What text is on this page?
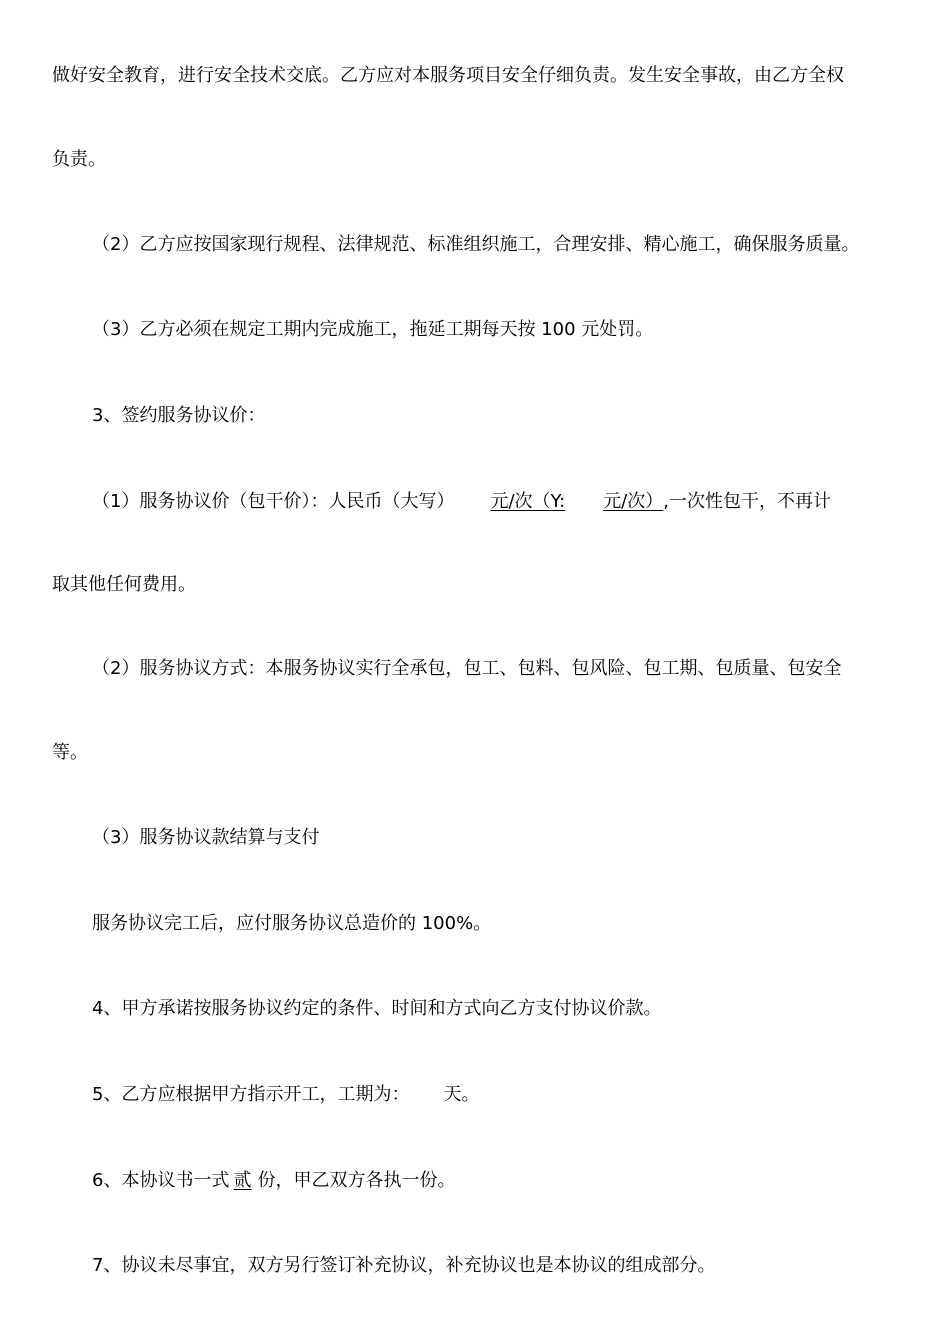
做好安全教育，进行安全技术交底。乙方应对本服务项目安全仔细负责。发生安全事故，由乙方全权
负责。
（2）乙方应按国家现行规程、法律规范、标准组织施工，合理安排、精心施工，确保服务质量。
（3）乙方必须在规定工期内完成施工，拖延工期每天按 100 元处罚。
3、签约服务协议价：
（1）服务协议价（包干价）：人民币（大写） 元/次（Y: 元/次）,一次性包干，不再计
取其他任何费用。
（2）服务协议方式：本服务协议实行全承包，包工、包料、包风险、包工期、包质量、包安全
等。
（3）服务协议款结算与支付
服务协议完工后，应付服务协议总造价的 100%。
4、甲方承诺按服务协议约定的条件、时间和方式向乙方支付协议价款。
5、乙方应根据甲方指示开工，工期为： 天。
6、本协议书一式 贰 份，甲乙双方各执一份。
7、协议未尽事宜，双方另行签订补充协议，补充协议也是本协议的组成部分。
